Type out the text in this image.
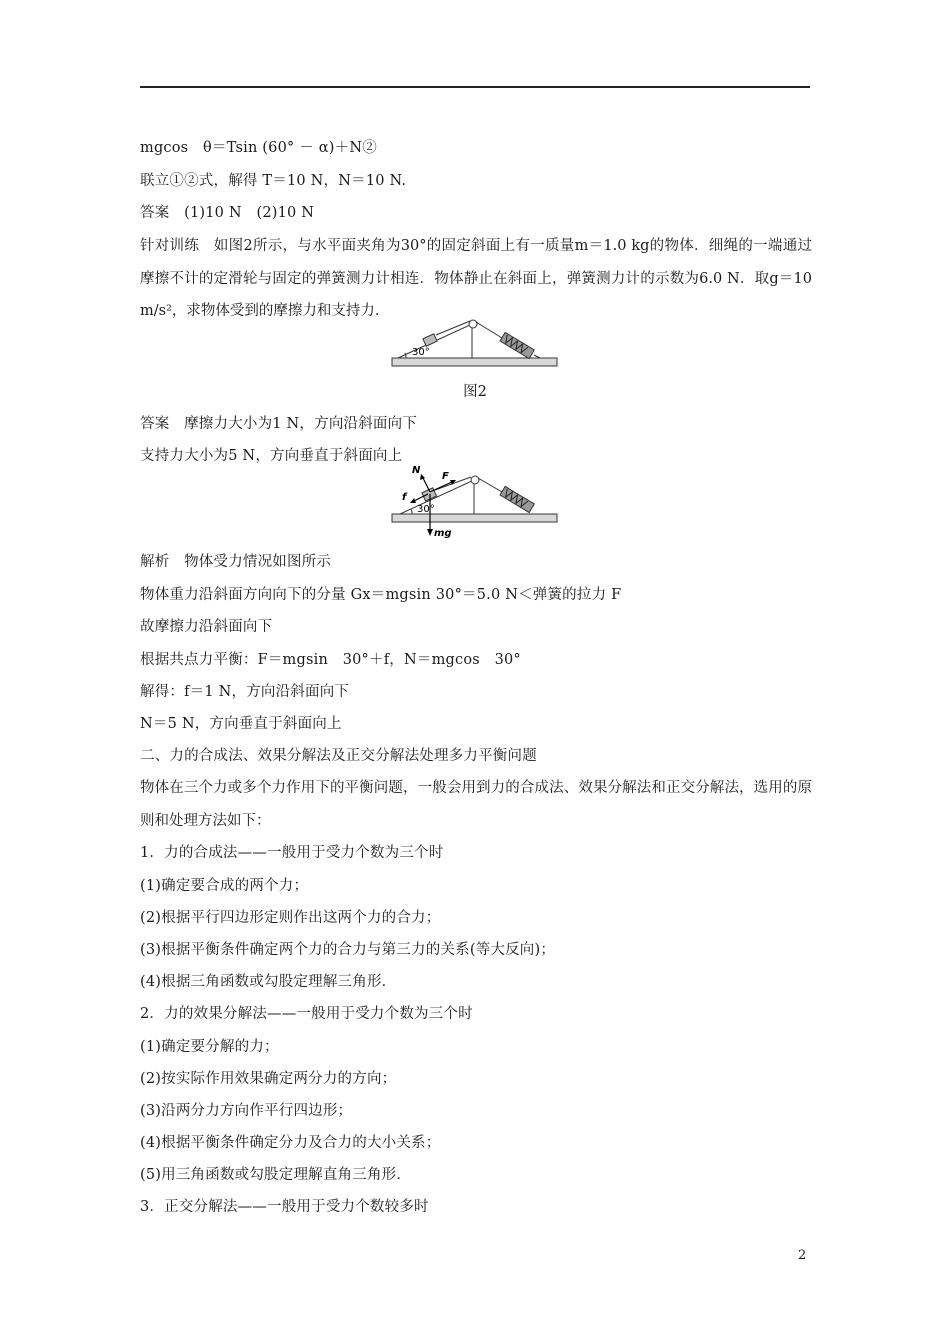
mgcos　θ＝Tsin (60° － α)＋N②
联立①②式，解得 T＝10 N，N＝10 N.
答案　(1)10 N　(2)10 N
针对训练　如图2所示，与水平面夹角为30°的固定斜面上有一质量m＝1.0 kg的物体．细绳的一端通过摩擦不计的定滑轮与固定的弹簧测力计相连．物体静止在斜面上，弹簧测力计的示数为6.0 N．取g＝10 m/s²，求物体受到的摩擦力和支持力．
30°
图2
答案　摩擦力大小为1 N，方向沿斜面向下
支持力大小为5 N，方向垂直于斜面向上
30°
N
F
f
mg
解析　物体受力情况如图所示
物体重力沿斜面方向向下的分量 Gx＝mgsin 30°＝5.0 N＜弹簧的拉力 F
故摩擦力沿斜面向下
根据共点力平衡：F＝mgsin　30°＋f，N＝mgcos　30°
解得：f＝1 N，方向沿斜面向下
N＝5 N，方向垂直于斜面向上
二、力的合成法、效果分解法及正交分解法处理多力平衡问题
物体在三个力或多个力作用下的平衡问题，一般会用到力的合成法、效果分解法和正交分解法，选用的原则和处理方法如下：
1．力的合成法——一般用于受力个数为三个时
(1)确定要合成的两个力；
(2)根据平行四边形定则作出这两个力的合力；
(3)根据平衡条件确定两个力的合力与第三力的关系(等大反向)；
(4)根据三角函数或勾股定理解三角形．
2．力的效果分解法——一般用于受力个数为三个时
(1)确定要分解的力；
(2)按实际作用效果确定两分力的方向；
(3)沿两分力方向作平行四边形；
(4)根据平衡条件确定分力及合力的大小关系；
(5)用三角函数或勾股定理解直角三角形．
3．正交分解法——一般用于受力个数较多时
2
